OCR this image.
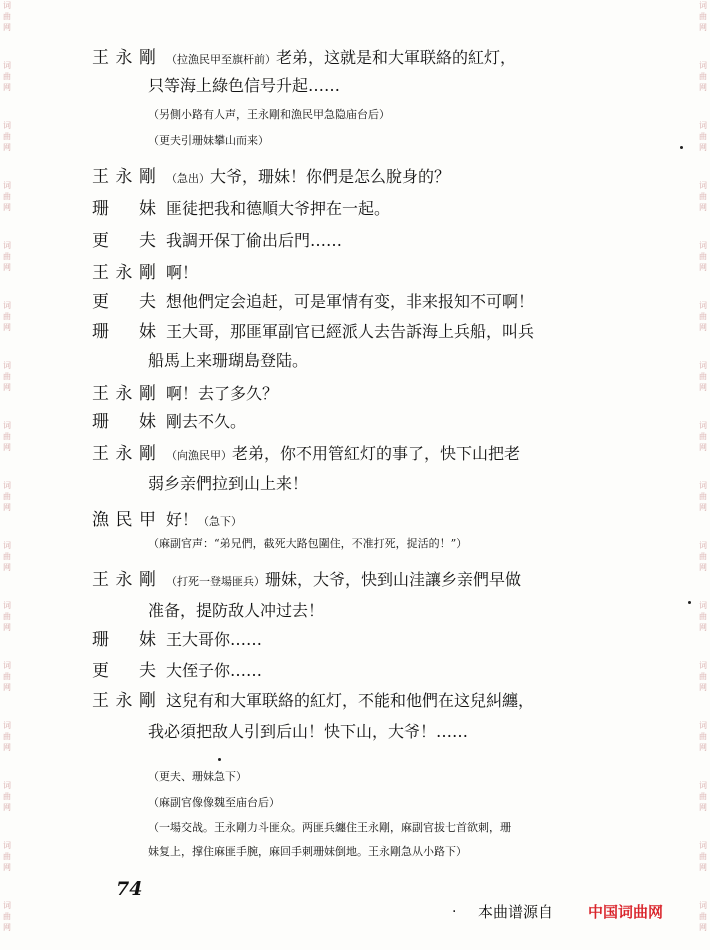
词曲网
词曲网
词曲网
词曲网
词曲网
词曲网
词曲网
词曲网
词曲网
词曲网
词曲网
词曲网
词曲网
词曲网
词曲网
词曲网
词曲网
词曲网
词曲网
词曲网
词曲网
词曲网
词曲网
词曲网
词曲网
词曲网
词曲网
词曲网
词曲网
词曲网
词曲网
词曲网
王 永 剛 （拉漁民甲至旗杆前）老弟，这就是和大軍联絡的紅灯，
只等海上綠色信号升起……
（另側小路有人声，王永剛和漁民甲急隐庙台后）
（更夫引珊妹攀山而来）
王 永 剛 （急出）大爷，珊妹！你們是怎么脫身的？
珊 妹 匪徒把我和德順大爷押在一起。
更 夫 我調开保丁偷出后門……
王 永 剛 啊！
更 夫 想他們定会追赶，可是軍情有变，非来报知不可啊！
珊 妹 王大哥，那匪軍副官已經派人去告訴海上兵船，叫兵
船馬上来珊瑚島登陆。
王 永 剛 啊！去了多久？
珊 妹 剛去不久。
王 永 剛 （向漁民甲）老弟，你不用管紅灯的事了，快下山把老
弱乡亲們拉到山上来！
漁 民 甲 好！（急下）
（麻副官声：“弟兄們，截死大路包圍住，不准打死，捉活的！”）
王 永 剛 （打死一登場匪兵）珊妹，大爷，快到山洼讓乡亲們早做
准备，提防敌人冲过去！
珊 妹 王大哥你……
更 夫 大侄子你……
王 永 剛 这兒有和大軍联絡的紅灯，不能和他們在这兒糾纏，
我必須把敌人引到后山！快下山，大爷！……
（更夫、珊妹急下）
（麻副官像像魏至庙台后）
（一場交战。王永剛力斗匪众。两匪兵纏住王永剛，麻副官拔七首欲刺，珊
妹复上，撑住麻匪手腕，麻回手刺珊妹倒地。王永剛急从小路下）
74
· 本曲谱源自 中国词曲网
